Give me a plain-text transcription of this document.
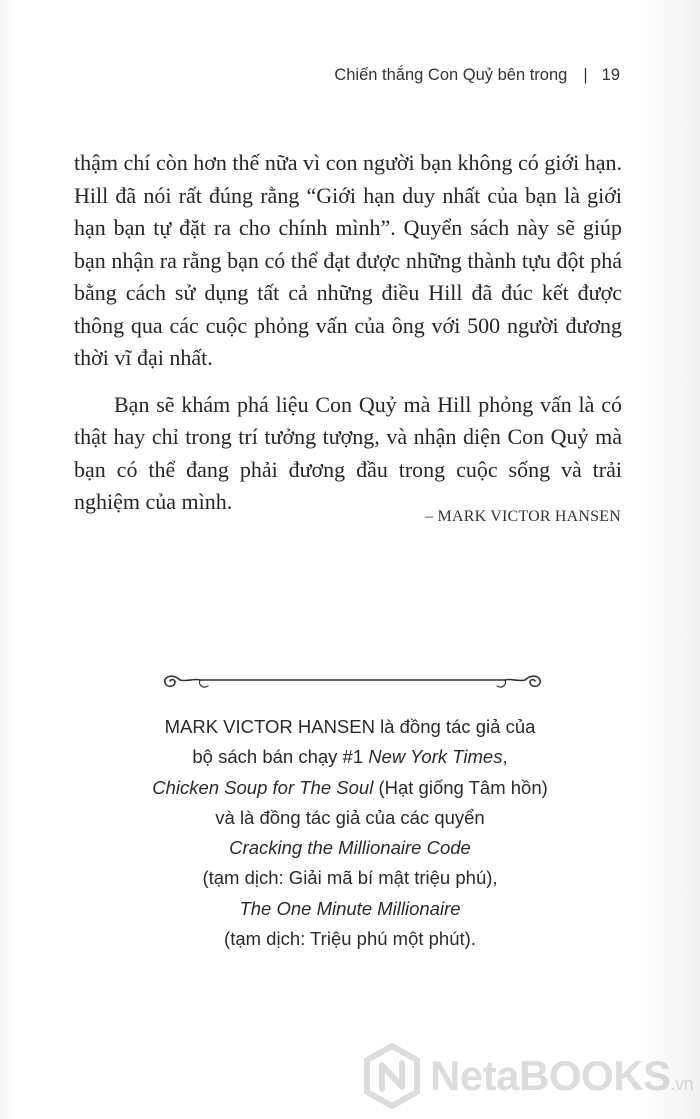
Chiến thắng Con Quỷ bên trong | 19

thậm chí còn hơn thế nữa vì con người bạn không có giới hạn. Hill đã nói rất đúng rằng “Giới hạn duy nhất của bạn là giới hạn bạn tự đặt ra cho chính mình”. Quyển sách này sẽ giúp bạn nhận ra rằng bạn có thể đạt được những thành tựu đột phá bằng cách sử dụng tất cả những điều Hill đã đúc kết được thông qua các cuộc phỏng vấn của ông với 500 người đương thời vĩ đại nhất.

Bạn sẽ khám phá liệu Con Quỷ mà Hill phỏng vấn là có thật hay chỉ trong trí tưởng tượng, và nhận diện Con Quỷ mà bạn có thể đang phải đương đầu trong cuộc sống và trải nghiệm của mình.

– MARK VICTOR HANSEN
MARK VICTOR HANSEN là đồng tác giả của
bộ sách bán chạy #1 New York Times,
Chicken Soup for The Soul (Hạt giống Tâm hồn)
và là đồng tác giả của các quyển
Cracking the Millionaire Code
(tạm dịch: Giải mã bí mật triệu phú),
The One Minute Millionaire
(tạm dịch: Triệu phú một phút).
NetaBOOKS.vn
